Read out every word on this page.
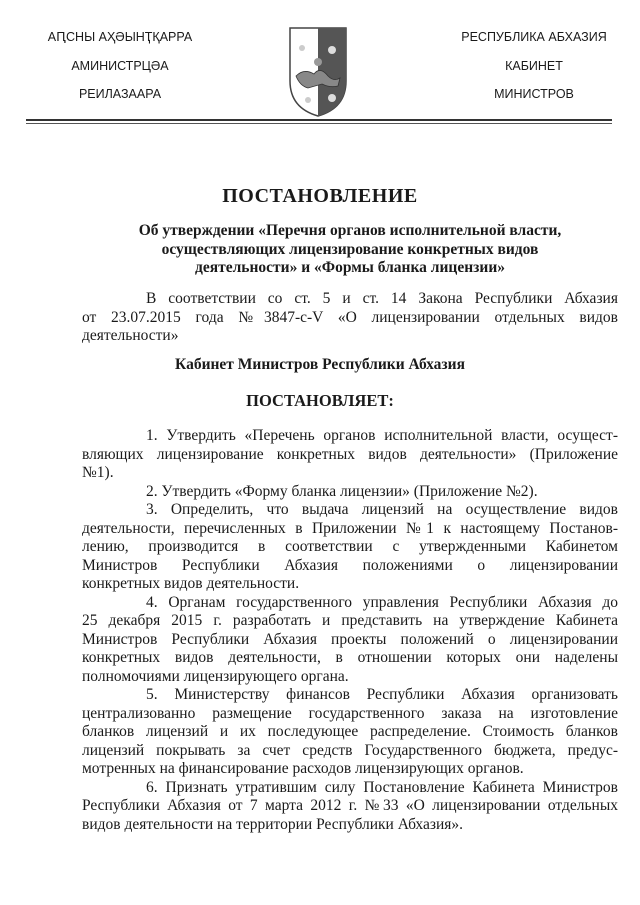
АԤСНЫ АҲӘЫНҬҚАРРА
АМИНИСТРЦӘА
РЕИЛАЗААРА
РЕСПУБЛИКА АБХАЗИЯ
КАБИНЕТ
МИНИСТРОВ
ПОСТАНОВЛЕНИЕ
Об утверждении «Перечня органов исполнительной власти,
осуществляющих лицензирование конкретных видов
деятельности» и «Формы бланка лицензии»
В соответствии со ст. 5 и ст. 14 Закона Республики Абхазия
от 23.07.2015 года №3847-с-V «О лицензировании отдельных видов
деятельности»
Кабинет Министров Республики Абхазия
ПОСТАНОВЛЯЕТ:
1. Утвердить «Перечень органов исполнительной власти, осущест-
вляющих лицензирование конкретных видов деятельности» (Приложение
№1).
2. Утвердить «Форму бланка лицензии» (Приложение №2).
3. Определить, что выдача лицензий на осуществление видов
деятельности, перечисленных в Приложении №1 к настоящему Постанов-
лению, производится в соответствии с утвержденными Кабинетом
Министров Республики Абхазия положениями о лицензировании
конкретных видов деятельности.
4. Органам государственного управления Республики Абхазия до
25 декабря 2015 г. разработать и представить на утверждение Кабинета
Министров Республики Абхазия проекты положений о лицензировании
конкретных видов деятельности, в отношении которых они наделены
полномочиями лицензирующего органа.
5. Министерству финансов Республики Абхазия организовать
централизованно размещение государственного заказа на изготовление
бланков лицензий и их последующее распределение. Стоимость бланков
лицензий покрывать за счет средств Государственного бюджета, предус-
мотренных на финансирование расходов лицензирующих органов.
6. Признать утратившим силу Постановление Кабинета Министров
Республики Абхазия от 7 марта 2012 г. №33 «О лицензировании отдельных
видов деятельности на территории Республики Абхазия».
